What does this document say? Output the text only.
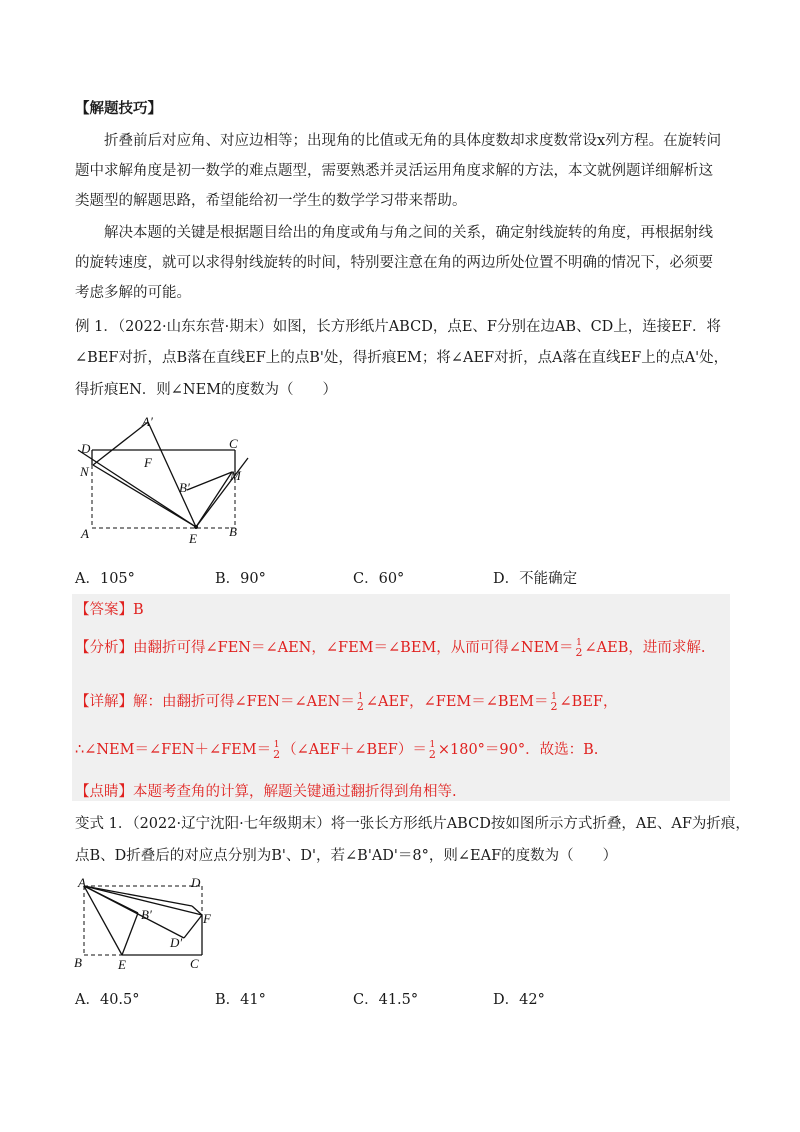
【解题技巧】
折叠前后对应角、对应边相等；出现角的比值或无角的具体度数却求度数常设x列方程。在旋转问题中求解角度是初一数学的难点题型，需要熟悉并灵活运用角度求解的方法，本文就例题详细解析这类题型的解题思路，希望能给初一学生的数学学习带来帮助。
解决本题的关键是根据题目给出的角度或角与角之间的关系，确定射线旋转的角度，再根据射线的旋转速度，就可以求得射线旋转的时间，特别要注意在角的两边所处位置不明确的情况下，必须要考虑多解的可能。
例 1．（2022·山东东营·期末）如图，长方形纸片ABCD，点E、F分别在边AB、CD上，连接EF．将
∠BEF对折，点B落在直线EF上的点B'处，得折痕EM；将∠AEF对折，点A落在直线EF上的点A'处，
得折痕EN．则∠NEM的度数为（　　）
A′
D	C
F
N	M
B′
A	E B
A．105°	B．90°	C．60°	D．不能确定
【答案】B
【分析】由翻折可得∠FEN＝∠AEN，∠FEM＝∠BEM，从而可得∠NEM＝ 1
2 ∠AEB，进而求解.
【详解】解：由翻折可得∠FEN＝∠AEN＝ 1
2 ∠AEF，∠FEM＝∠BEM＝ 1
2 ∠BEF，
∴∠NEM＝∠FEN＋∠FEM＝ 1
2 （∠AEF＋∠BEF）＝ 1
2 ×180°＝90°．故选：B.
【点睛】本题考查角的计算，解题关键通过翻折得到角相等.
变式 1．（2022·辽宁沈阳·七年级期末）将一张长方形纸片ABCD按如图所示方式折叠，AE、AF为折痕，
点B、D折叠后的对应点分别为B'、D'，若∠B'AD'＝8°，则∠EAF的度数为（　　）
A	D
B′	F
D′
B	E	C
A．40.5°	B．41°	C．41.5°	D．42°
